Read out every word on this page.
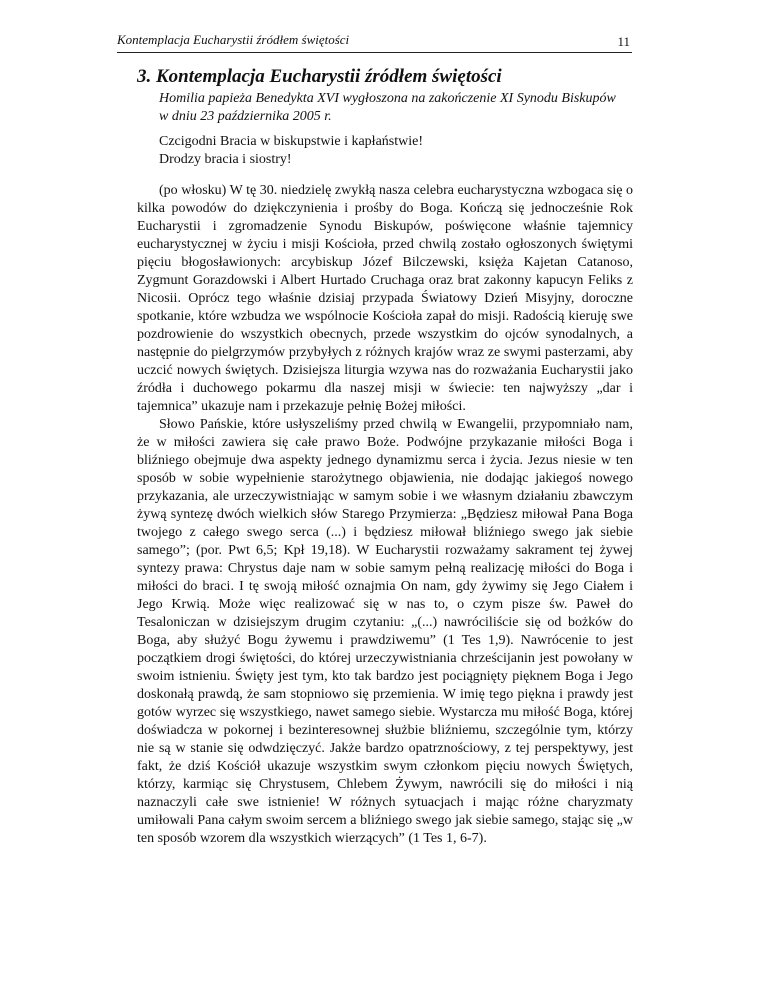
Kontemplacja Eucharystii źródłem świętości	11
3. Kontemplacja Eucharystii źródłem świętości
Homilia papieża Benedykta XVI wygłoszona na zakończenie XI Synodu Biskupów
w dniu 23 października 2005 r.
Czcigodni Bracia w biskupstwie i kapłaństwie!
Drodzy bracia i siostry!

(po włosku) W tę 30. niedzielę zwykłą nasza celebra eucharystyczna wzbogaca się o kilka powodów do dziękczynienia i prośby do Boga. Kończą się jednocześnie Rok Eucharystii i zgromadzenie Synodu Biskupów, poświęcone właśnie tajemnicy eucharystycznej w życiu i misji Kościoła, przed chwilą zostało ogłoszonych świętymi pięciu błogosławionych: arcybiskup Józef Bilczewski, księża Kajetan Catanoso, Zygmunt Gorazdowski i Albert Hurtado Cruchaga oraz brat zakonny kapucyn Feliks z Nicosii. Oprócz tego właśnie dzisiaj przypada Światowy Dzień Misyjny, doroczne spotkanie, które wzbudza we wspólnocie Kościoła zapał do misji. Radością kieruję swe pozdrowienie do wszystkich obecnych, przede wszystkim do ojców synodalnych, a następnie do pielgrzymów przybyłych z różnych krajów wraz ze swymi pasterzami, aby uczcić nowych świętych. Dzisiejsza liturgia wzywa nas do rozważania Eucharystii jako źródła i duchowego pokarmu dla naszej misji w świecie: ten najwyższy „dar i tajemnica” ukazuje nam i przekazuje pełnię Bożej miłości.

Słowo Pańskie, które usłyszeliśmy przed chwilą w Ewangelii, przypomniało nam, że w miłości zawiera się całe prawo Boże. Podwójne przykazanie miłości Boga i bliźniego obejmuje dwa aspekty jednego dynamizmu serca i życia. Jezus niesie w ten sposób w sobie wypełnienie starożytnego objawienia, nie dodając jakiegoś nowego przykazania, ale urzeczywistniając w samym sobie i we własnym działaniu zbawczym żywą syntezę dwóch wielkich słów Starego Przymierza: „Będziesz miłował Pana Boga twojego z całego swego serca (...) i będziesz miłował bliźniego swego jak siebie samego”; (por. Pwt 6,5; Kpł 19,18). W Eucharystii rozważamy sakrament tej żywej syntezy prawa: Chrystus daje nam w sobie samym pełną realizację miłości do Boga i miłości do braci. I tę swoją miłość oznajmia On nam, gdy żywimy się Jego Ciałem i Jego Krwią. Może więc realizować się w nas to, o czym pisze św. Paweł do Tesaloniczan w dzisiejszym drugim czytaniu: „(...) nawróciliście się od bożków do Boga, aby służyć Bogu żywemu i prawdziwemu” (1 Tes 1,9). Nawrócenie to jest początkiem drogi świętości, do której urzeczywistniania chrześcijanin jest powołany w swoim istnieniu. Święty jest tym, kto tak bardzo jest pociągnięty pięknem Boga i Jego doskonałą prawdą, że sam stopniowo się przemienia. W imię tego piękna i prawdy jest gotów wyrzec się wszystkiego, nawet samego siebie. Wystarcza mu miłość Boga, której doświadcza w pokornej i bezinteresownej służbie bliźniemu, szczególnie tym, którzy nie są w stanie się odwdzięczyć. Jakże bardzo opatrznościowy, z tej perspektywy, jest fakt, że dziś Kościół ukazuje wszystkim swym członkom pięciu nowych Świętych, którzy, karmiąc się Chrystusem, Chlebem Żywym, nawrócili się do miłości i nią naznaczyli całe swe istnienie! W różnych sytuacjach i mając różne charyzmaty umiłowali Pana całym swoim sercem a bliźniego swego jak siebie samego, stając się „w ten sposób wzorem dla wszystkich wierzących” (1 Tes 1, 6-7).
